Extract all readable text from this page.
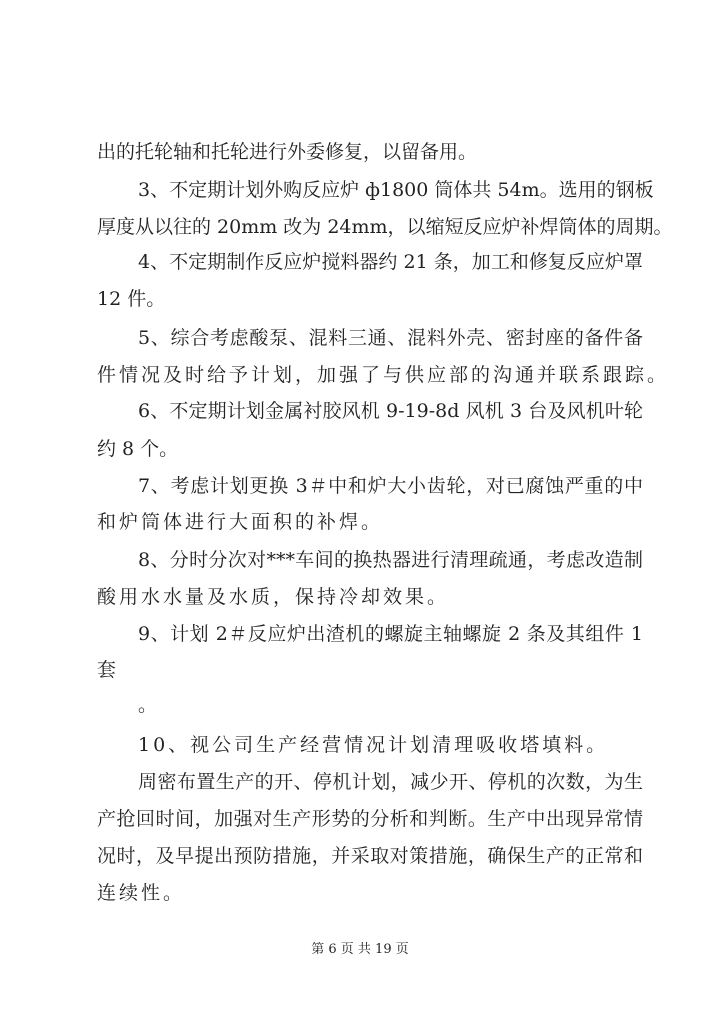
出的托轮轴和托轮进行外委修复，以留备用。
3、不定期计划外购反应炉 ф1800 筒体共 54m。选用的钢板
厚度从以往的 20mm 改为 24mm，以缩短反应炉补焊筒体的周期。
4、不定期制作反应炉搅料器约 21 条，加工和修复反应炉罩
12 件。
5、综合考虑酸泵、混料三通、混料外壳、密封座的备件备
件情况及时给予计划，加强了与供应部的沟通并联系跟踪。
6、不定期计划金属衬胶风机 9-19-8d 风机 3 台及风机叶轮
约 8 个。
7、考虑计划更换 3＃中和炉大小齿轮，对已腐蚀严重的中
和炉筒体进行大面积的补焊。
8、分时分次对***车间的换热器进行清理疏通，考虑改造制
酸用水水量及水质，保持冷却效果。
9、计划 2＃反应炉出渣机的螺旋主轴螺旋 2 条及其组件 1
套
。
10、视公司生产经营情况计划清理吸收塔填料。
周密布置生产的开、停机计划，减少开、停机的次数，为生
产抢回时间，加强对生产形势的分析和判断。生产中出现异常情
况时，及早提出预防措施，并采取对策措施，确保生产的正常和
连续性。
第 6 页 共 19 页
